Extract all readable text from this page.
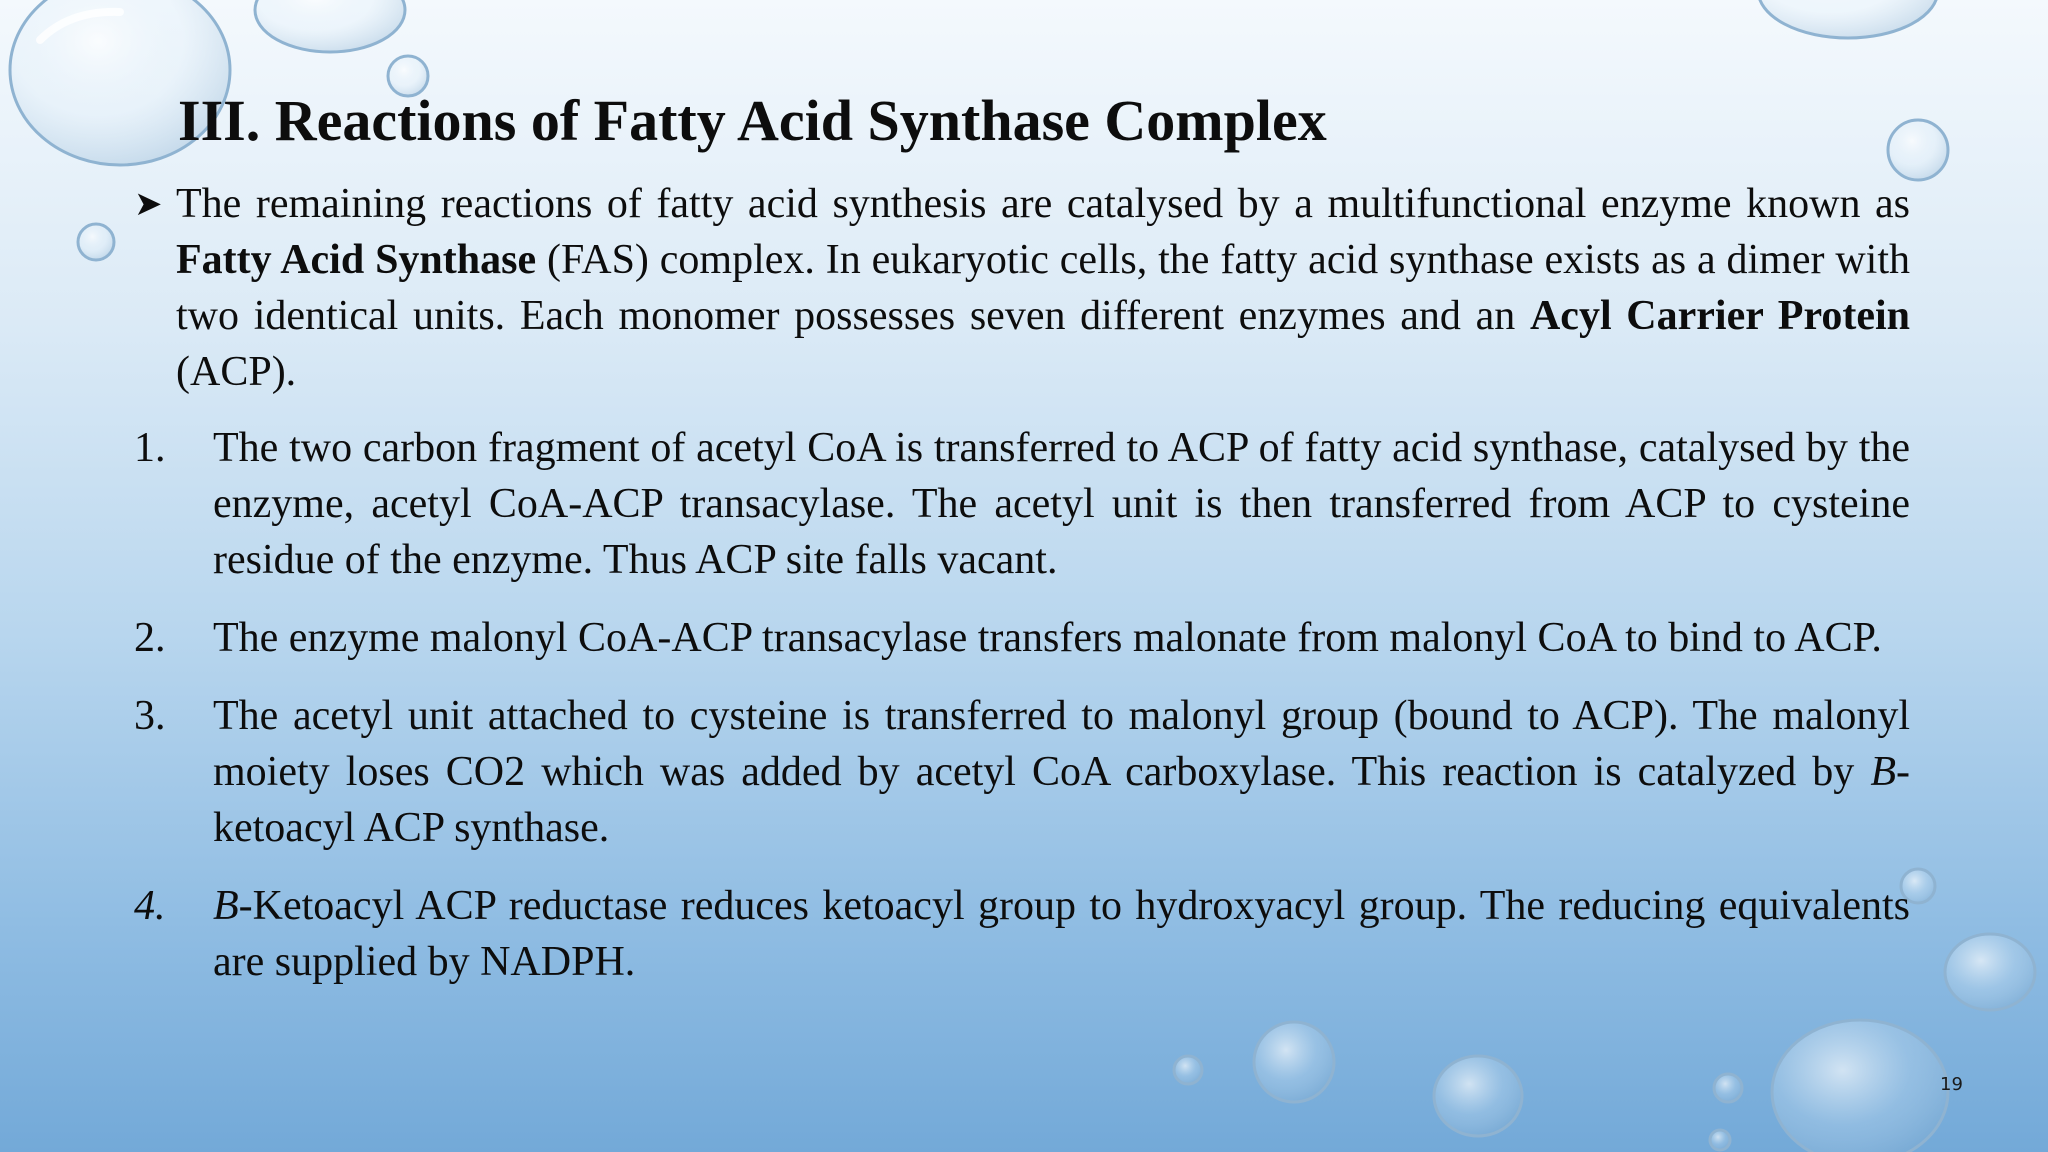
III. Reactions of Fatty Acid Synthase Complex
➤ The remaining reactions of fatty acid synthesis are catalysed by a multifunctional enzyme known as Fatty Acid Synthase (FAS) complex. In eukaryotic cells, the fatty acid synthase exists as a dimer with two identical units. Each monomer possesses seven different enzymes and an Acyl Carrier Protein (ACP).
1. The two carbon fragment of acetyl CoA is transferred to ACP of fatty acid synthase, catalysed by the enzyme, acetyl CoA-ACP transacylase. The acetyl unit is then transferred from ACP to cysteine residue of the enzyme. Thus ACP site falls vacant.
2. The enzyme malonyl CoA-ACP transacylase transfers malonate from malonyl CoA to bind to ACP.
3. The acetyl unit attached to cysteine is transferred to malonyl group (bound to ACP). The malonyl moiety loses CO2 which was added by acetyl CoA carboxylase. This reaction is catalyzed by B-ketoacyl ACP synthase.
4. B-Ketoacyl ACP reductase reduces ketoacyl group to hydroxyacyl group. The reducing equivalents are supplied by NADPH.
19
